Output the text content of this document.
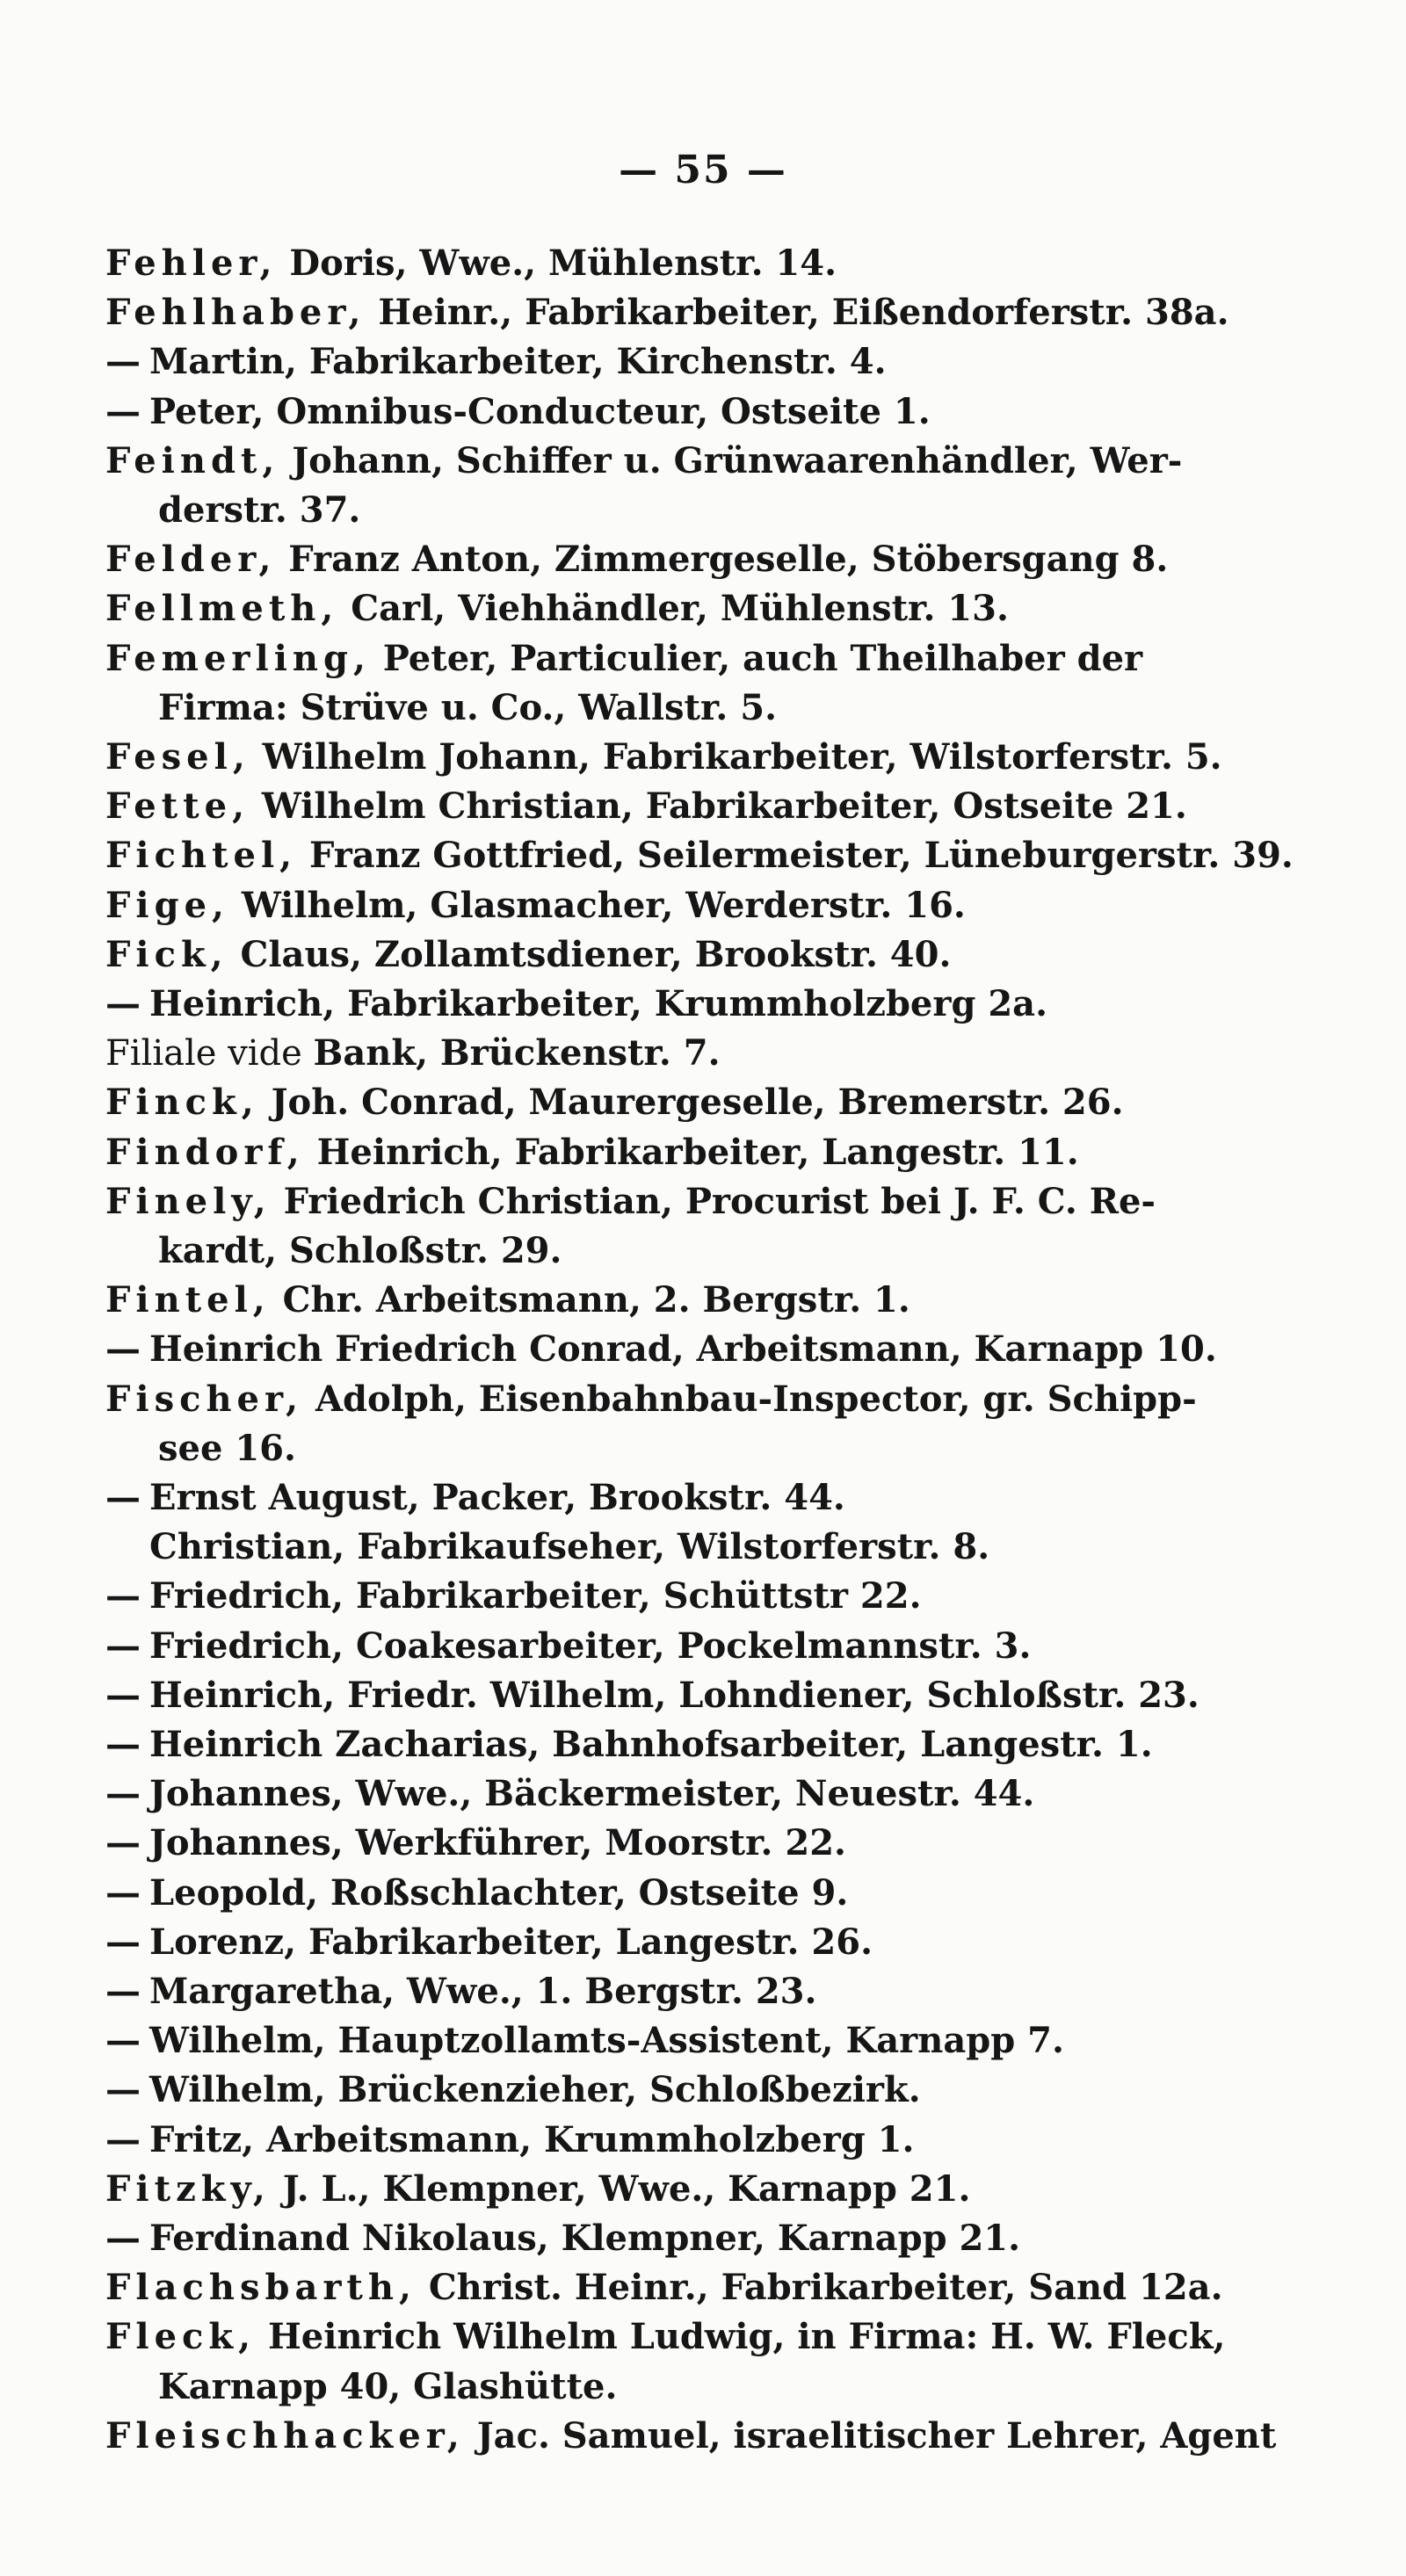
— 55 —
Fehler, Doris, Wwe., Mühlenstr. 14.
Fehlhaber, Heinr., Fabrikarbeiter, Eißendorferstr. 38a.
— Martin, Fabrikarbeiter, Kirchenstr. 4.
— Peter, Omnibus-Conducteur, Ostseite 1.
Feindt, Johann, Schiffer u. Grünwaarenhändler, Wer-
derstr. 37.
Felder, Franz Anton, Zimmergeselle, Stöbersgang 8.
Fellmeth, Carl, Viehhändler, Mühlenstr. 13.
Femerling, Peter, Particulier, auch Theilhaber der
Firma: Strüve u. Co., Wallstr. 5.
Fesel, Wilhelm Johann, Fabrikarbeiter, Wilstorferstr. 5.
Fette, Wilhelm Christian, Fabrikarbeiter, Ostseite 21.
Fichtel, Franz Gottfried, Seilermeister, Lüneburgerstr. 39.
Fige, Wilhelm, Glasmacher, Werderstr. 16.
Fick, Claus, Zollamtsdiener, Brookstr. 40.
— Heinrich, Fabrikarbeiter, Krummholzberg 2a.
Filiale vide Bank, Brückenstr. 7.
Finck, Joh. Conrad, Maurergeselle, Bremerstr. 26.
Findorf, Heinrich, Fabrikarbeiter, Langestr. 11.
Finely, Friedrich Christian, Procurist bei J. F. C. Re-
kardt, Schloßstr. 29.
Fintel, Chr. Arbeitsmann, 2. Bergstr. 1.
— Heinrich Friedrich Conrad, Arbeitsmann, Karnapp 10.
Fischer, Adolph, Eisenbahnbau-Inspector, gr. Schipp-
see 16.
— Ernst August, Packer, Brookstr. 44.
Christian, Fabrikaufseher, Wilstorferstr. 8.
— Friedrich, Fabrikarbeiter, Schüttstr 22.
— Friedrich, Coakesarbeiter, Pockelmannstr. 3.
— Heinrich, Friedr. Wilhelm, Lohndiener, Schloßstr. 23.
— Heinrich Zacharias, Bahnhofsarbeiter, Langestr. 1.
— Johannes, Wwe., Bäckermeister, Neuestr. 44.
— Johannes, Werkführer, Moorstr. 22.
— Leopold, Roßschlachter, Ostseite 9.
— Lorenz, Fabrikarbeiter, Langestr. 26.
— Margaretha, Wwe., 1. Bergstr. 23.
— Wilhelm, Hauptzollamts-Assistent, Karnapp 7.
— Wilhelm, Brückenzieher, Schloßbezirk.
— Fritz, Arbeitsmann, Krummholzberg 1.
Fitzky, J. L., Klempner, Wwe., Karnapp 21.
— Ferdinand Nikolaus, Klempner, Karnapp 21.
Flachsbarth, Christ. Heinr., Fabrikarbeiter, Sand 12a.
Fleck, Heinrich Wilhelm Ludwig, in Firma: H. W. Fleck,
Karnapp 40, Glashütte.
Fleischhacker, Jac. Samuel, israelitischer Lehrer, Agent
